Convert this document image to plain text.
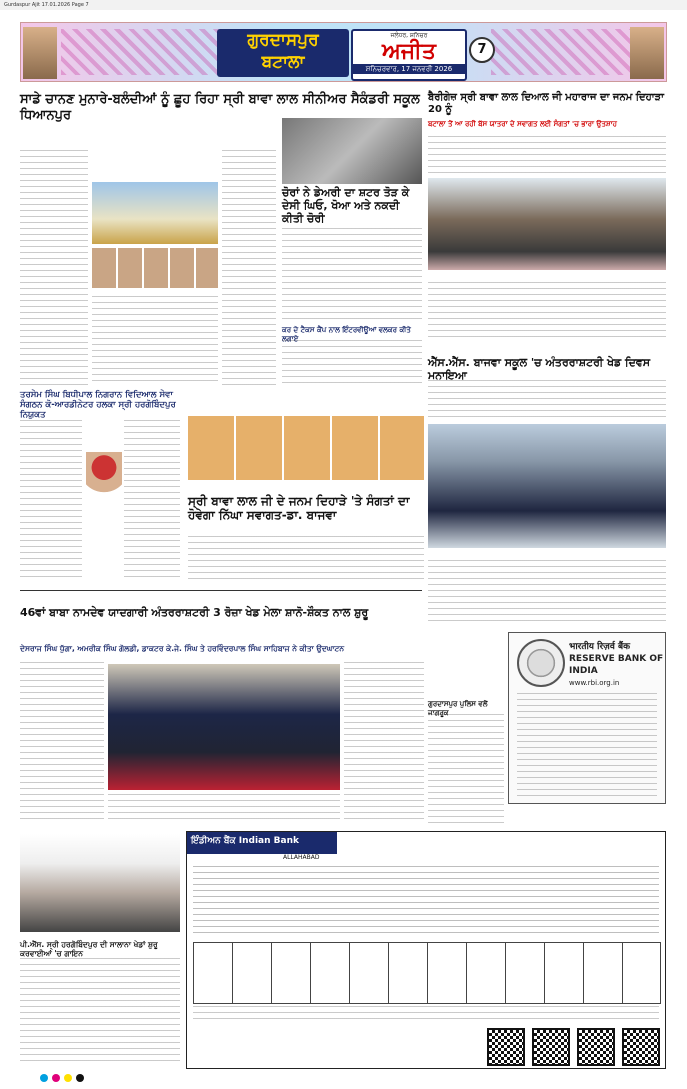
Gurdaspur Ajit 17.01.2026 Page 7
ਗੁਰਦਾਸਪੁਰ
ਬਟਾਲਾ
ਜਲੰਧਰ, ਸ਼ਨਿਚਰ
ਅਜੀਤ
ਸ਼ਨਿਚਰਵਾਰ, 17 ਜਨਵਰੀ 2026
7
ਸਾਡੇ ਚਾਨਣ ਮੁਨਾਰੇ-ਬਲੰਦੀਆਂ ਨੂੰ ਛੂਹ ਰਿਹਾ ਸ੍ਰੀ ਬਾਵਾ ਲਾਲ ਸੀਨੀਅਰ ਸੈਕੰਡਰੀ ਸਕੂਲ ਧਿਆਨਪੁਰ
ਚੋਰਾਂ ਨੇ ਡੇਅਰੀ ਦਾ ਸ਼ਟਰ ਤੋੜ ਕੇ ਦੇਸੀ ਘਿਓ, ਖੋਆ ਅਤੇ ਨਕਦੀ ਕੀਤੀ ਚੋਰੀ
ਕਰ ਦੇ ਟੈਕਸ ਕੈਂਪ ਨਾਲ ਇੰਟਰਵੀਊਆਂ ਵਲਕਰ ਕੀਤੇ ਲਗਾਏ
ਬੈਰੀਗੇਜ਼ ਸ੍ਰੀ ਬਾਵਾ ਲਾਲ ਦਿਆਲ ਜੀ ਮਹਾਰਾਜ ਦਾ ਜਨਮ ਦਿਹਾੜਾ 20 ਨੂੰ
ਬਟਾਲਾ ਤੋਂ ਆ ਰਹੀ ਬੱਸ ਯਾਤਰਾ ਦੇ ਸਵਾਗਤ ਲਈ ਸੰਗਤਾਂ 'ਚ ਭਾਰਾ ਉਤਸ਼ਾਹ
ਤਰਸੇਮ ਸਿੰਘ ਬਿਧੀਪਾਲ ਨਿਗਰਾਨ ਵਿਦਿਆਲ ਸੇਵਾ ਸੰਗਠਨ ਕੋ-ਆਰਡੀਨੇਟਰ ਹਲਕਾ ਸ੍ਰੀ ਹਰਗੋਬਿੰਦਪੁਰ ਨਿਯੁਕਤ
ਸ੍ਰੀ ਬਾਵਾ ਲਾਲ ਜੀ ਦੇ ਜਨਮ ਦਿਹਾੜੇ 'ਤੇ ਸੰਗਤਾਂ ਦਾ ਹੋਵੇਗਾ ਨਿੱਘਾ ਸਵਾਗਤ-ਡਾ. ਬਾਜਵਾ
ਐੱਸ.ਐੱਸ. ਬਾਜਵਾ ਸਕੂਲ 'ਚ ਅੰਤਰਰਾਸ਼ਟਰੀ ਖੇਡ ਦਿਵਸ ਮਨਾਇਆ
46ਵਾਂ ਬਾਬਾ ਨਾਮਦੇਵ ਯਾਦਗਾਰੀ ਅੰਤਰਰਾਸ਼ਟਰੀ 3 ਰੋਜ਼ਾ ਖੇਡ ਮੇਲਾ ਸ਼ਾਨੋ-ਸ਼ੌਕਤ ਨਾਲ ਸ਼ੁਰੂ
ਦੇਸਰਾਜ ਸਿੰਘ ਧੁੱਗਾ, ਅਮਰੀਕ ਸਿੰਘ ਗੋਲਡੀ, ਡਾਕਟਰ ਕੇ.ਜੇ. ਸਿੰਘ ਤੇ ਹਰਵਿੰਦਰਪਾਲ ਸਿੰਘ ਸਾਹਿਬਾਜ ਨੇ ਕੀਤਾ ਉਦਘਾਟਨ
ਗੁਰਦਾਸਪੁਰ ਪੁਲਿਸ ਵਲੋਂ ਜਾਗਰੂਕ
भारतीय रिज़र्व बैंक
RESERVE BANK OF INDIA
www.rbi.org.in
ਪੀ.ਐੱਸ. ਸ੍ਰੀ ਹਰਗੋਬਿੰਦਪੁਰ ਦੀ ਸਾਲਾਨਾ ਖੇਡਾਂ ਸ਼ੁਰੂ ਕਰਵਾਈਆਂ 'ਚ ਗਾਇਨ
ਇੰਡੀਅਨ ਬੈਂਕ Indian Bank
ALLAHABAD
